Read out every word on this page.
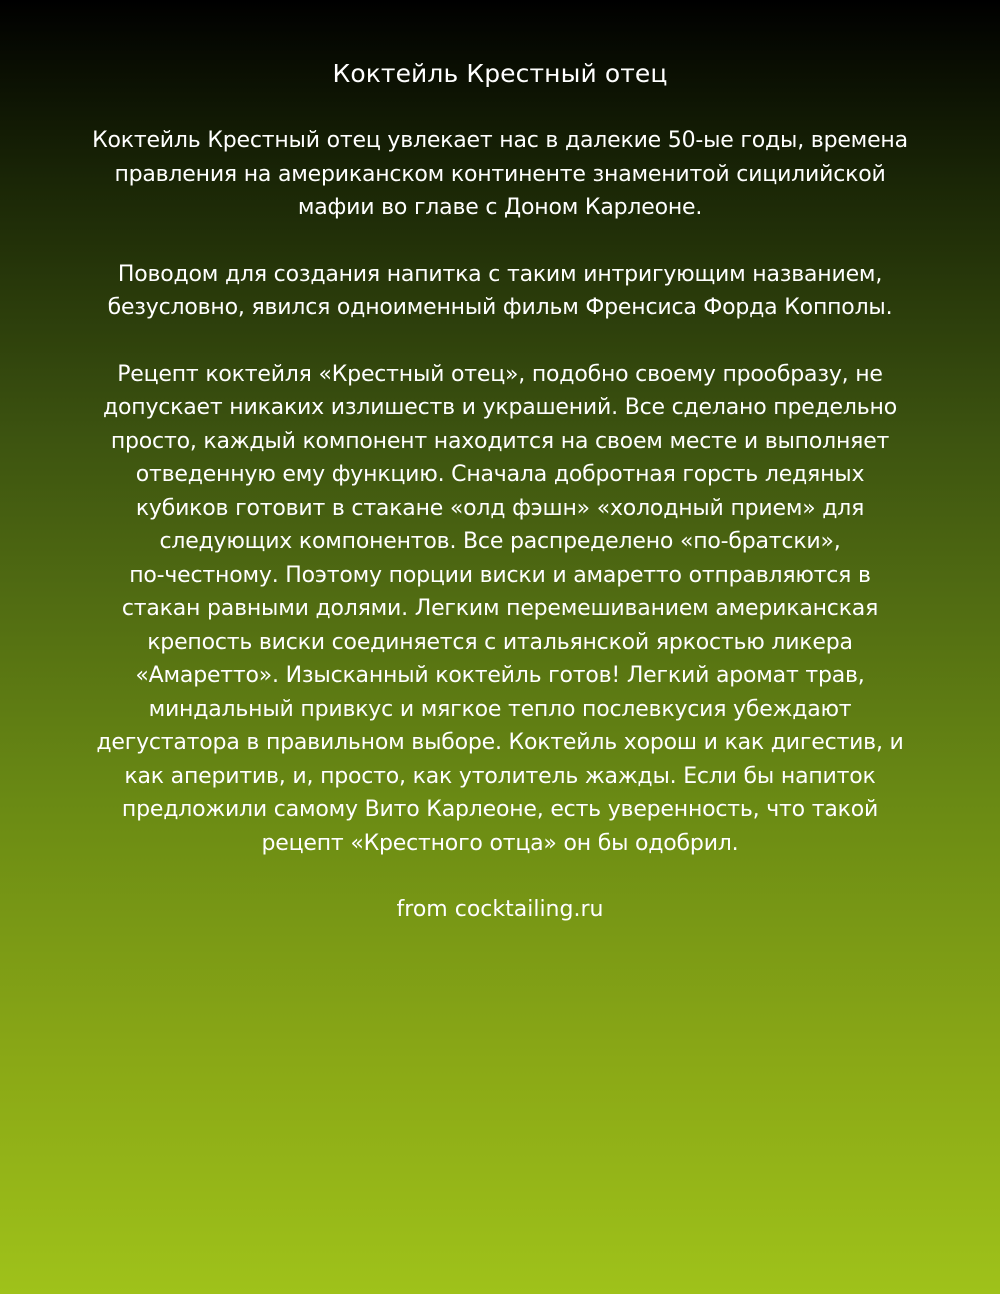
Коктейль Крестный отец

Коктейль Крестный отец увлекает нас в далекие 50-ые годы, времена
правления на американском континенте знаменитой сицилийской
мафии во главе с Доном Карлеоне.

Поводом для создания напитка с таким интригующим названием,
безусловно, явился одноименный фильм Френсиса Форда Копполы.

Рецепт коктейля «Крестный отец», подобно своему прообразу, не
допускает никаких излишеств и украшений. Все сделано предельно
просто, каждый компонент находится на своем месте и выполняет
отведенную ему функцию. Сначала добротная горсть ледяных
кубиков готовит в стакане «олд фэшн» «холодный прием» для
следующих компонентов. Все распределено «по-братски»,
по-честному. Поэтому порции виски и амаретто отправляются в
стакан равными долями. Легким перемешиванием американская
крепость виски соединяется с итальянской яркостью ликера
«Амаретто». Изысканный коктейль готов! Легкий аромат трав,
миндальный привкус и мягкое тепло послевкусия убеждают
дегустатора в правильном выборе. Коктейль хорош и как дигестив, и
как аперитив, и, просто, как утолитель жажды. Если бы напиток
предложили самому Вито Карлеоне, есть уверенность, что такой
рецепт «Крестного отца» он бы одобрил.

from cocktailing.ru
